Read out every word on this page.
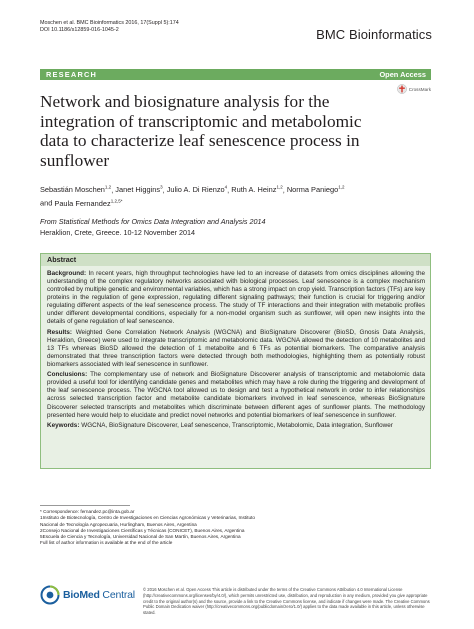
Moschen et al. BMC Bioinformatics 2016, 17(Suppl 5):174
DOI 10.1186/s12859-016-1045-2	BMC Bioinformatics
RESEARCH	Open Access
CrossMark
Network and biosignature analysis for the integration of transcriptomic and metabolomic data to characterize leaf senescence process in sunflower
Sebastián Moschen$^{1,2}$, Janet Higgins$^3$, Julio A. Di Rienzo$^4$, Ruth A. Heinz$^{1,2}$, Norma Paniego$^{1,2}$
and Paula Fernandez$^{1,2,5*}$
From Statistical Methods for Omics Data Integration and Analysis 2014
Heraklion, Crete, Greece. 10-12 November 2014
Abstract

Background: In recent years, high throughput technologies have led to an increase of datasets from omics disciplines allowing the understanding of the complex regulatory networks associated with biological processes. Leaf senescence is a complex mechanism controlled by multiple genetic and environmental variables, which has a strong impact on crop yield. Transcription factors (TFs) are key proteins in the regulation of gene expression, regulating different signaling pathways; their function is crucial for triggering and/or regulating different aspects of the leaf senescence process. The study of TF interactions and their integration with metabolic profiles under different developmental conditions, especially for a non-model organism such as sunflower, will open new insights into the details of gene regulation of leaf senescence.

Results: Weighted Gene Correlation Network Analysis (WGCNA) and BioSignature Discoverer (BioSD, Gnosis Data Analysis, Heraklion, Greece) were used to integrate transcriptomic and metabolomic data. WGCNA allowed the detection of 10 metabolites and 13 TFs whereas BioSD allowed the detection of 1 metabolite and 6 TFs as potential biomarkers. The comparative analysis demonstrated that three transcription factors were detected through both methodologies, highlighting them as potentially robust biomarkers associated with leaf senescence in sunflower.

Conclusions: The complementary use of network and BioSignature Discoverer analysis of transcriptomic and metabolomic data provided a useful tool for identifying candidate genes and metabolites which may have a role during the triggering and development of the leaf senescence process. The WGCNA tool allowed us to design and test a hypothetical network in order to infer relationships across selected transcription factor and metabolite candidate biomarkers involved in leaf senescence, whereas BioSignature Discoverer selected transcripts and metabolites which discriminate between different ages of sunflower plants. The methodology presented here would help to elucidate and predict novel networks and potential biomarkers of leaf senescence in sunflower.

Keywords: WGCNA, BioSignature Discoverer, Leaf senescence, Transcriptomic, Metabolomic, Data integration, Sunflower

* Correspondence: fernandez.pc@inta.gob.ar

1Instituto de Biotecnología, Centro de Investigaciones en Ciencias Agronómicas y Veterinarias, Instituto Nacional de Tecnología Agropecuaria, Hurlingham, Buenos Aires, Argentina

2Consejo Nacional de Investigaciones Científicas y Técnicas (CONICET), Buenos Aires, Argentina

5Escuela de Ciencia y Tecnología, Universidad Nacional de San Martín, Buenos Aires, Argentina

Full list of author information is available at the end of the article

BioMed Central © 2016 Moschen et al. Open Access This article is distributed under the terms of the Creative Commons Attribution 4.0 International License (http://creativecommons.org/licenses/by/4.0/), which permits unrestricted use, distribution, and reproduction in any medium, provided you give appropriate credit to the original author(s) and the source, provide a link to the Creative Commons license, and indicate if changes were made. The Creative Commons Public Domain Dedication waiver (http://creativecommons.org/publicdomain/zero/1.0/) applies to the data made available in this article, unless otherwise stated.
